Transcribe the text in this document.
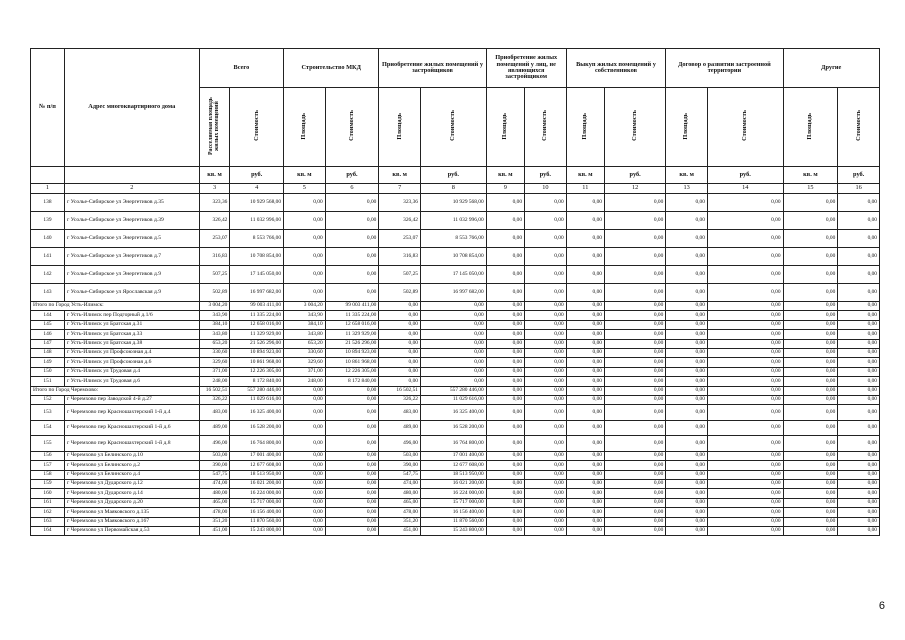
№ п/п	Адрес многоквартирного дома	Всего		Строительство МКД		Приобретение жилых помещений у застройщиков		Приобретение жилых помещений у лиц, не являющихся застройщиком		Выкуп жилых помещений у собственников		Договор о развитии застроенной территории		Другие	
		Расселяемая площадь жилых помещений	Стоимость	Площадь	Стоимость	Площадь	Стоимость	Площадь	Стоимость	Площадь	Стоимость	Площадь	Стоимость	Площадь	Стоимость
		кв. м	руб.	кв. м	руб.	кв. м	руб.	кв. м	руб.	кв. м	руб.	кв. м	руб.	кв. м	руб.
1	2	3	4	5	6	7	8	9	10	11	12	13	14	15	16
138	г Усолье-Сибирское ул Энергетиков д.35	323,36	10 929 568,00	0,00	0,00	323,36	10 929 568,00	0,00	0,00	0,00	0,00	0,00	0,00	0,00	0,00
139	г Усолье-Сибирское ул Энергетиков д.39	326,42	11 032 996,00	0,00	0,00	326,42	11 032 996,00	0,00	0,00	0,00	0,00	0,00	0,00	0,00	0,00
140	г Усолье-Сибирское ул Энергетиков д.5	253,07	8 553 766,00	0,00	0,00	253,07	8 553 766,00	0,00	0,00	0,00	0,00	0,00	0,00	0,00	0,00
141	г Усолье-Сибирское ул Энергетиков д.7	316,83	10 708 854,00	0,00	0,00	316,83	10 708 854,00	0,00	0,00	0,00	0,00	0,00	0,00	0,00	0,00
142	г Усолье-Сибирское ул Энергетиков д.9	507,25	17 145 050,00	0,00	0,00	507,25	17 145 050,00	0,00	0,00	0,00	0,00	0,00	0,00	0,00	0,00
143	г Усолье-Сибирское ул Ярославская д.9	502,89	16 997 682,00	0,00	0,00	502,89	16 997 682,00	0,00	0,00	0,00	0,00	0,00	0,00	0,00	0,00
Итого по Город Усть-Илимск:		3 004,20	99 003 411,00	3 004,20	99 003 411,00	0,00	0,00	0,00	0,00	0,00	0,00	0,00	0,00	0,00	0,00
144	г Усть-Илимск пер Подгорный д.1/6	343,90	11 335 224,00	343,90	11 335 224,00	0,00	0,00	0,00	0,00	0,00	0,00	0,00	0,00	0,00	0,00
145	г Усть-Илимск ул Братская д.31	384,10	12 658 016,00	384,10	12 658 016,00	0,00	0,00	0,00	0,00	0,00	0,00	0,00	0,00	0,00	0,00
146	г Усть-Илимск ул Братская д.33	343,80	11 329 929,00	343,80	11 329 929,00	0,00	0,00	0,00	0,00	0,00	0,00	0,00	0,00	0,00	0,00
147	г Усть-Илимск ул Братская д.38	653,20	21 526 296,00	653,20	21 526 296,00	0,00	0,00	0,00	0,00	0,00	0,00	0,00	0,00	0,00	0,00
148	г Усть-Илимск ул Профсоюзная д.4	330,60	10 894 923,00	330,60	10 894 923,00	0,00	0,00	0,00	0,00	0,00	0,00	0,00	0,00	0,00	0,00
149	г Усть-Илимск ул Профсоюзная д.6	329,60	10 861 968,00	329,60	10 861 968,00	0,00	0,00	0,00	0,00	0,00	0,00	0,00	0,00	0,00	0,00
150	г Усть-Илимск ул Трудовая д.4	371,00	12 226 305,00	371,00	12 226 305,00	0,00	0,00	0,00	0,00	0,00	0,00	0,00	0,00	0,00	0,00
151	г Усть-Илимск ул Трудовая д.6	248,00	8 172 840,00	248,00	8 172 840,00	0,00	0,00	0,00	0,00	0,00	0,00	0,00	0,00	0,00	0,00
Итого по Город Черемхово:		16 502,51	557 280 446,00	0,00	0,00	16 502,51	557 280 446,00	0,00	0,00	0,00	0,00	0,00	0,00	0,00	0,00
152	г Черемхово пер Заводской 4-й д.27	326,22	11 029 616,00	0,00	0,00	326,22	11 029 616,00	0,00	0,00	0,00	0,00	0,00	0,00	0,00	0,00
153	г Черемхово пер Красношахтерский 1-й д.4	483,00	16 325 400,00	0,00	0,00	483,00	16 325 400,00	0,00	0,00	0,00	0,00	0,00	0,00	0,00	0,00
154	г Черемхово пер Красношахтерский 1-й д.6	489,00	16 528 200,00	0,00	0,00	489,00	16 528 200,00	0,00	0,00	0,00	0,00	0,00	0,00	0,00	0,00
155	г Черемхово пер Красношахтерский 1-й д.8	496,00	16 764 800,00	0,00	0,00	496,00	16 764 800,00	0,00	0,00	0,00	0,00	0,00	0,00	0,00	0,00
156	г Черемхово ул Белинского д.10	503,00	17 001 400,00	0,00	0,00	503,00	17 001 400,00	0,00	0,00	0,00	0,00	0,00	0,00	0,00	0,00
157	г Черемхово ул Белинского д.2	390,00	12 677 608,00	0,00	0,00	390,00	12 677 608,00	0,00	0,00	0,00	0,00	0,00	0,00	0,00	0,00
158	г Черемхово ул Белинского д.4	547,75	18 513 950,00	0,00	0,00	547,75	18 513 950,00	0,00	0,00	0,00	0,00	0,00	0,00	0,00	0,00
159	г Черемхово ул Дударского д.12	474,00	16 021 200,00	0,00	0,00	474,00	16 021 200,00	0,00	0,00	0,00	0,00	0,00	0,00	0,00	0,00
160	г Черемхово ул Дударского д.14	480,00	16 224 000,00	0,00	0,00	480,00	16 224 000,00	0,00	0,00	0,00	0,00	0,00	0,00	0,00	0,00
161	г Черемхово ул Дударского д.20	465,00	15 717 000,00	0,00	0,00	465,00	15 717 000,00	0,00	0,00	0,00	0,00	0,00	0,00	0,00	0,00
162	г Черемхово ул Маяковского д.135	478,00	16 156 400,00	0,00	0,00	478,00	16 156 400,00	0,00	0,00	0,00	0,00	0,00	0,00	0,00	0,00
163	г Черемхово ул Маяковского д.167	351,20	11 870 560,00	0,00	0,00	351,20	11 870 560,00	0,00	0,00	0,00	0,00	0,00	0,00	0,00	0,00
164	г Черемхово ул Первомайская д.53	451,00	15 243 800,00	0,00	0,00	451,00	15 243 800,00	0,00	0,00	0,00	0,00	0,00	0,00	0,00	0,00
6
